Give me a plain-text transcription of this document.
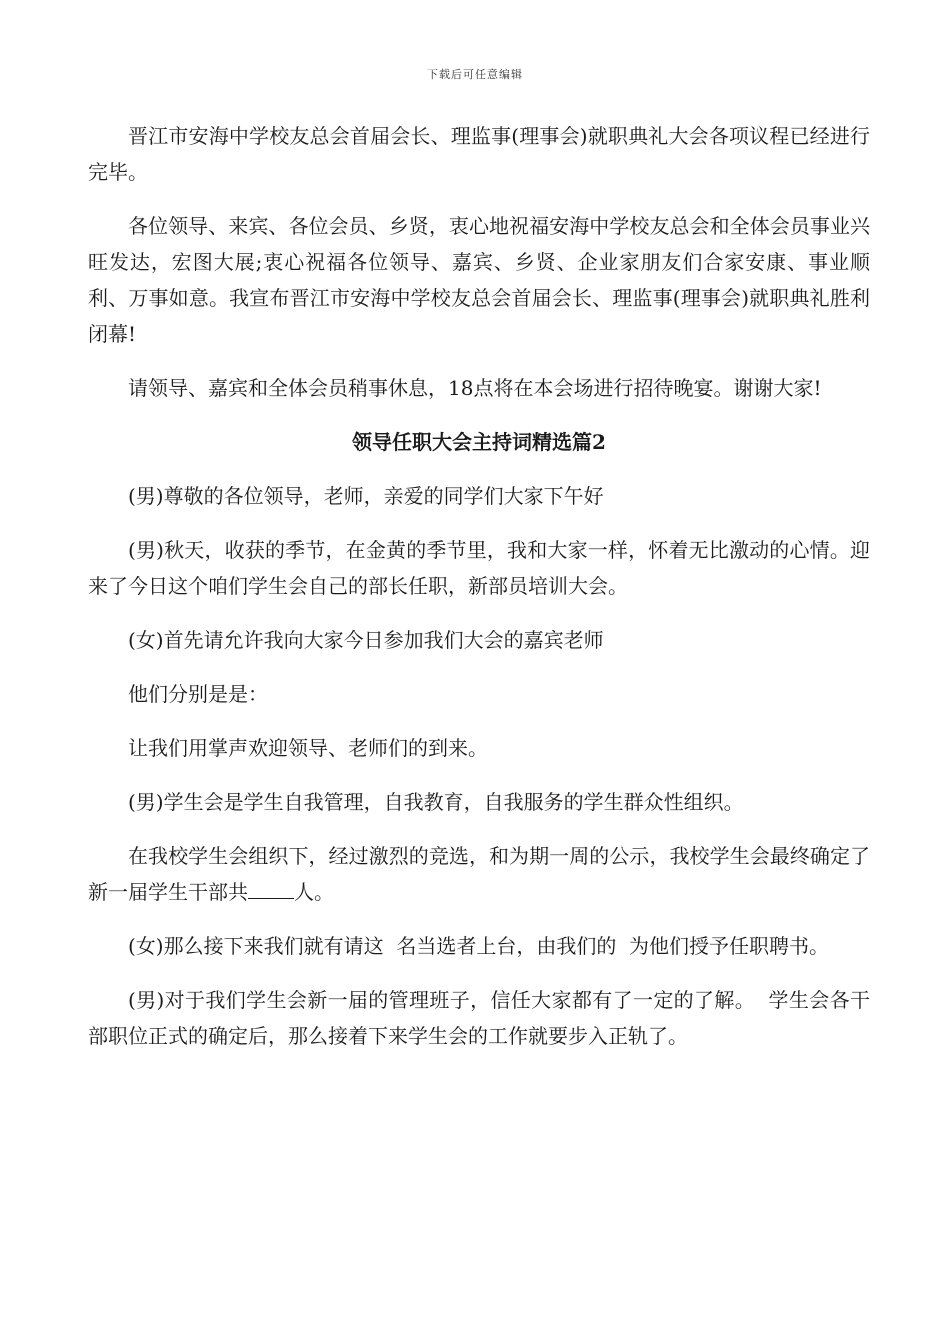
下载后可任意编辑

晋江市安海中学校友总会首届会长、理监事(理事会)就职典礼大会各项议程已经进行完毕。

各位领导、来宾、各位会员、乡贤，衷心地祝福安海中学校友总会和全体会员事业兴旺发达，宏图大展;衷心祝福各位领导、嘉宾、乡贤、企业家朋友们合家安康、事业顺利、万事如意。我宣布晋江市安海中学校友总会首届会长、理监事(理事会)就职典礼胜利闭幕!

请领导、嘉宾和全体会员稍事休息，18点将在本会场进行招待晚宴。谢谢大家!

领导任职大会主持词精选篇2

(男)尊敬的各位领导，老师，亲爱的同学们大家下午好

(男)秋天，收获的季节，在金黄的季节里，我和大家一样，怀着无比激动的心情。迎来了今日这个咱们学生会自己的部长任职，新部员培训大会。

(女)首先请允许我向大家今日参加我们大会的嘉宾老师

他们分别是是：

让我们用掌声欢迎领导、老师们的到来。

(男)学生会是学生自我管理，自我教育，自我服务的学生群众性组织。

在我校学生会组织下，经过激烈的竞选，和为期一周的公示，我校学生会最终确定了新一届学生干部共 人。

(女)那么接下来我们就有请这  名当选者上台，由我们的  为他们授予任职聘书。

(男)对于我们学生会新一届的管理班子，信任大家都有了一定的了解。  学生会各干部职位正式的确定后，那么接着下来学生会的工作就要步入正轨了。
